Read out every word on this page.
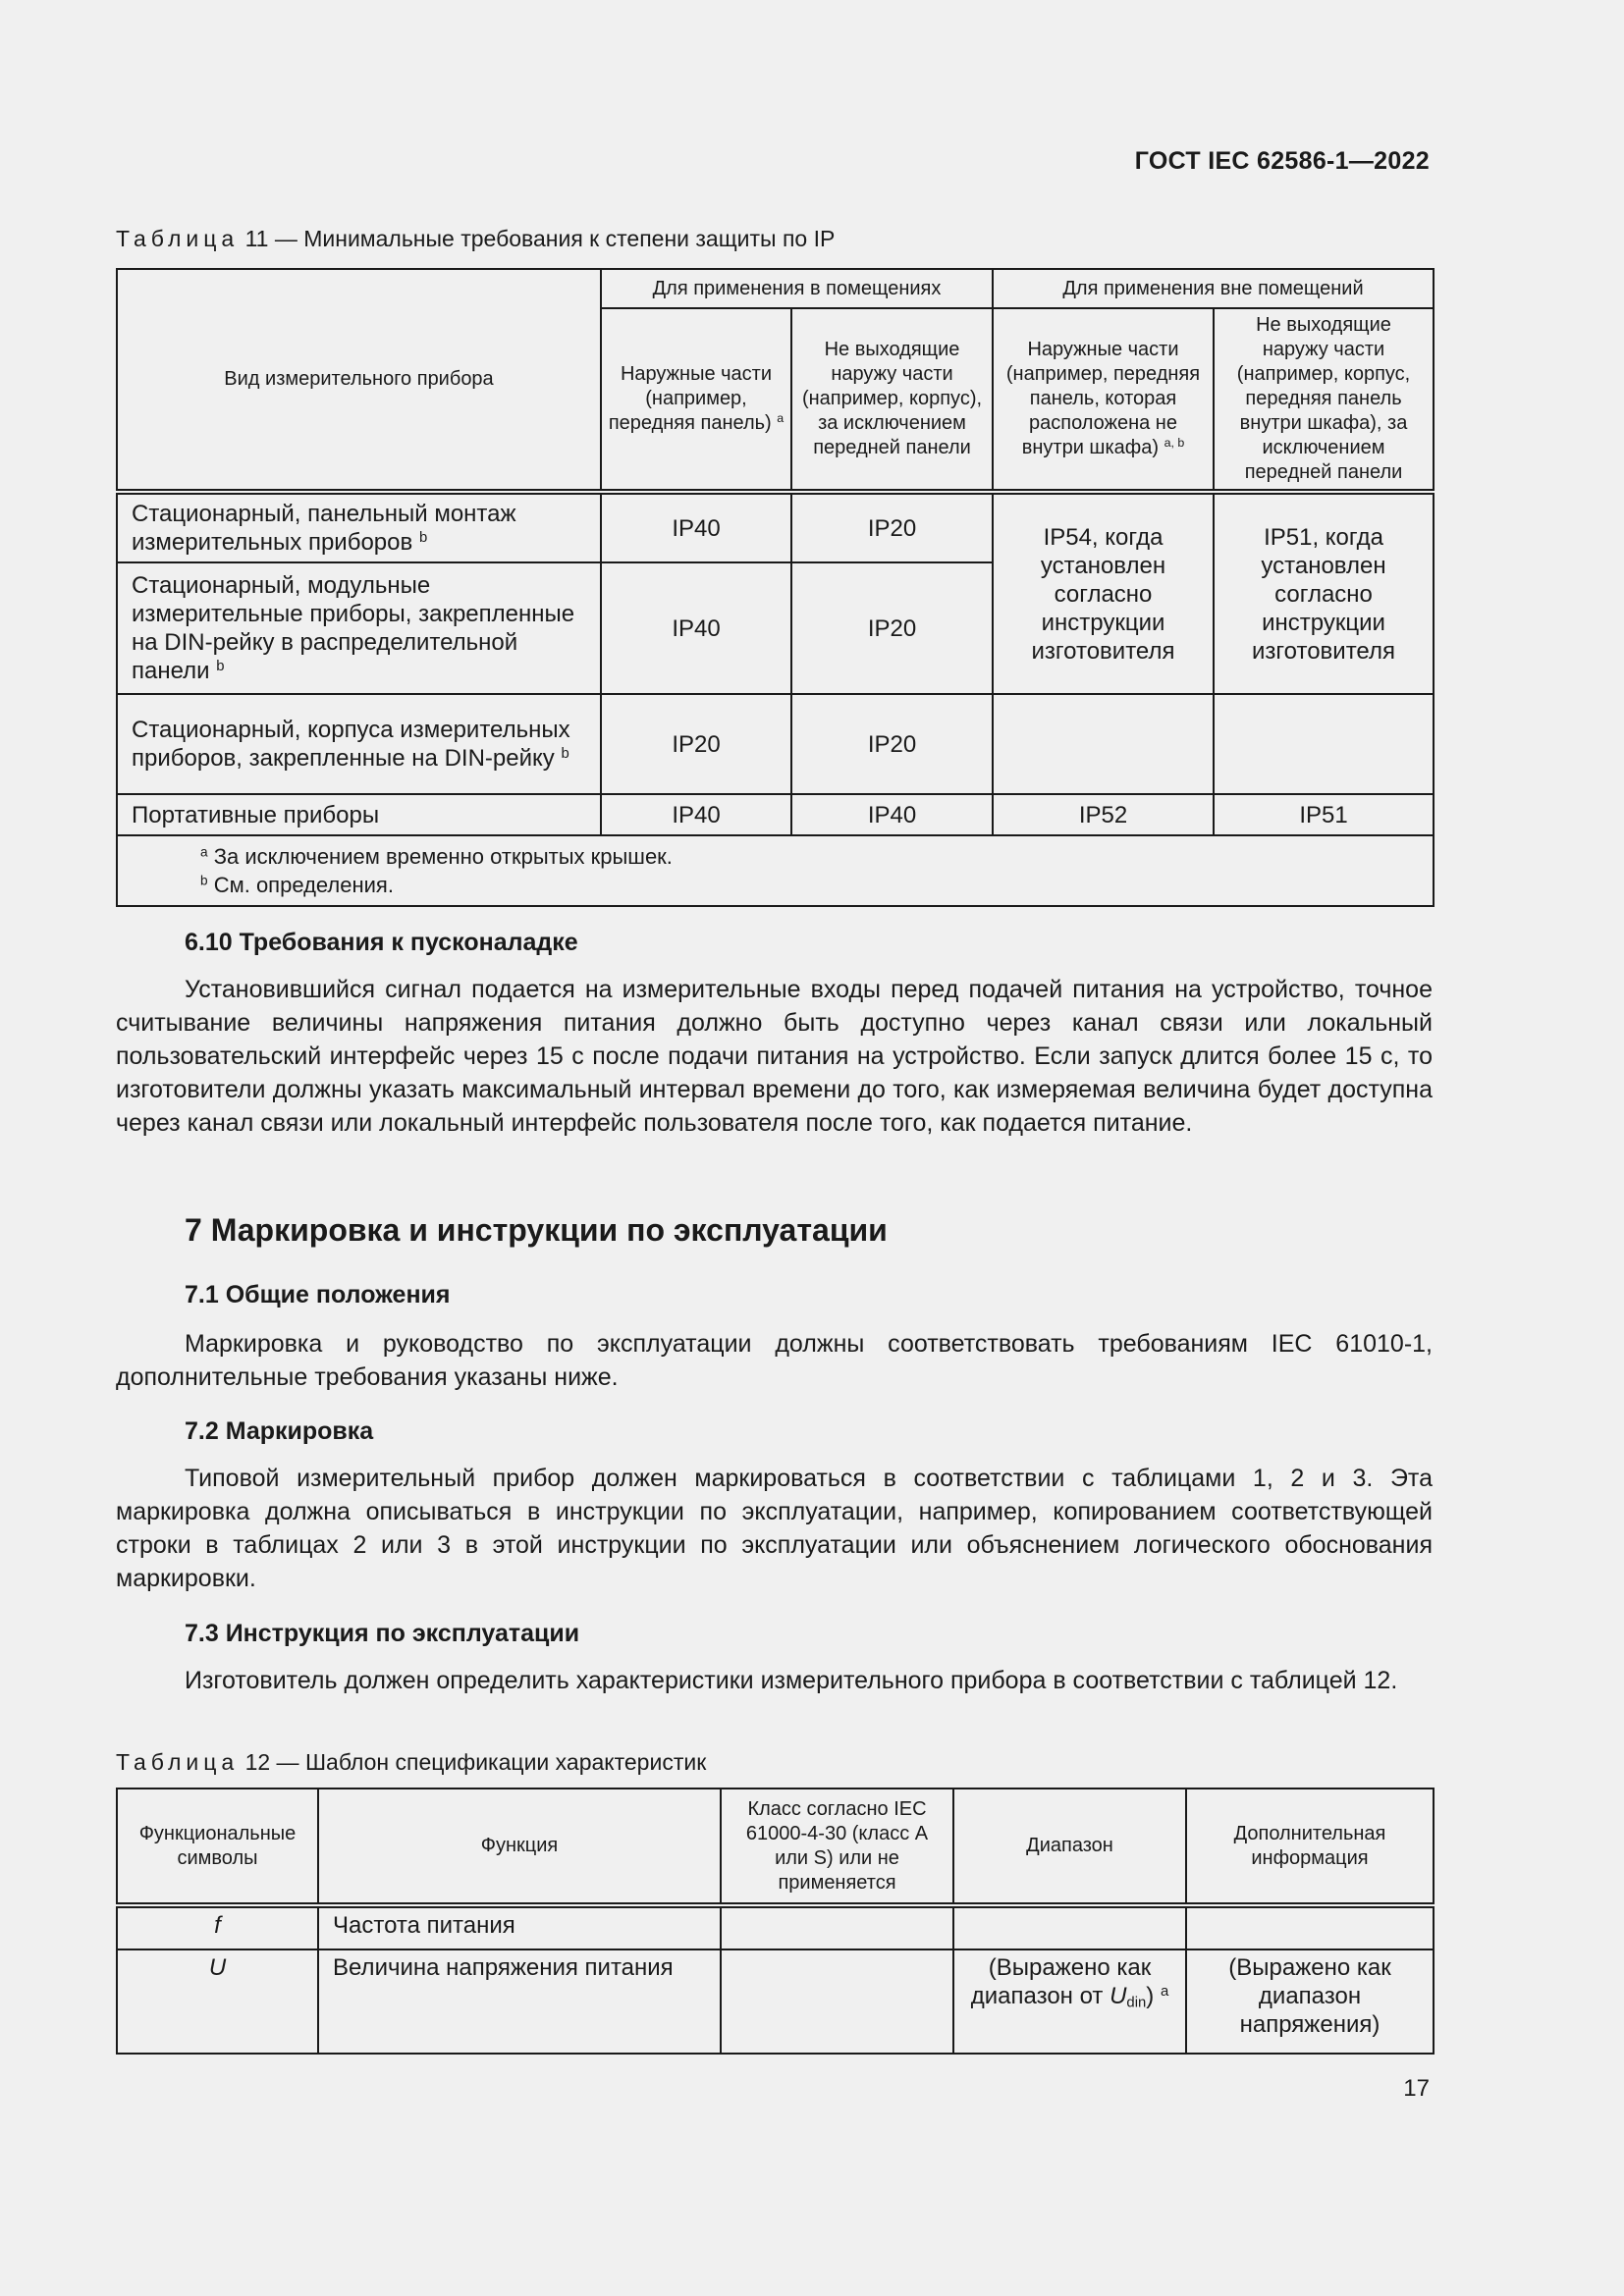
ГОСТ IEC 62586-1—2022
Таблица 11 — Минимальные требования к степени защиты по IP
Вид измерительного прибора	Для применения в помещениях		Для применения вне помещений	
	Наружные части (например, передняя панель) $^a$	Не выходящие наружу части (например, корпус), за исключением передней панели	Наружные части (например, передняя панель, которая расположена не внутри шкафа) $^{a, b}$	Не выходящие наружу части (например, корпус, передняя панель внутри шкафа), за исключением передней панели
Стационарный, панельный монтаж измерительных приборов $^b$	IP40	IP20	IP54, когда установлен согласно инструкции изготовителя	IP51, когда установлен согласно инструкции изготовителя
Стационарный, модульные измерительные приборы, закрепленные на DIN-рейку в распределительной панели $^b$	IP40	IP20		
Стационарный, корпуса измерительных приборов, закрепленные на DIN-рейку $^b$	IP20	IP20		
Портативные приборы	IP40	IP40	IP52	IP51

$^a$ За исключением временно открытых крышек.
$^b$ См. определения.				
6.10 Требования к пусконаладке
Установившийся сигнал подается на измерительные входы перед подачей питания на устройство, точное считывание величины напряжения питания должно быть доступно через канал связи или локальный пользовательский интерфейс через 15 с после подачи питания на устройство. Если запуск длится более 15 с, то изготовители должны указать максимальный интервал времени до того, как измеряемая величина будет доступна через канал связи или локальный интерфейс пользователя после того, как подается питание.
7 Маркировка и инструкции по эксплуатации
7.1 Общие положения
Маркировка и руководство по эксплуатации должны соответствовать требованиям IEC 61010-1, дополнительные требования указаны ниже.
7.2 Маркировка
Типовой измерительный прибор должен маркироваться в соответствии с таблицами 1, 2 и 3. Эта маркировка должна описываться в инструкции по эксплуатации, например, копированием соответствующей строки в таблицах 2 или 3 в этой инструкции по эксплуатации или объяснением логического обоснования маркировки.
7.3 Инструкция по эксплуатации
Изготовитель должен определить характеристики измерительного прибора в соответствии с таблицей 12.
Таблица 12 — Шаблон спецификации характеристик
Функциональные символы	Функция	Класс согласно IEC 61000-4-30 (класс А или S) или не применяется	Диапазон	Дополнительная информация
f	Частота питания			
U	Величина напряжения питания		(Выражено как диапазон от $U_{din}$) $^a$	(Выражено как диапазон напряжения)
17
